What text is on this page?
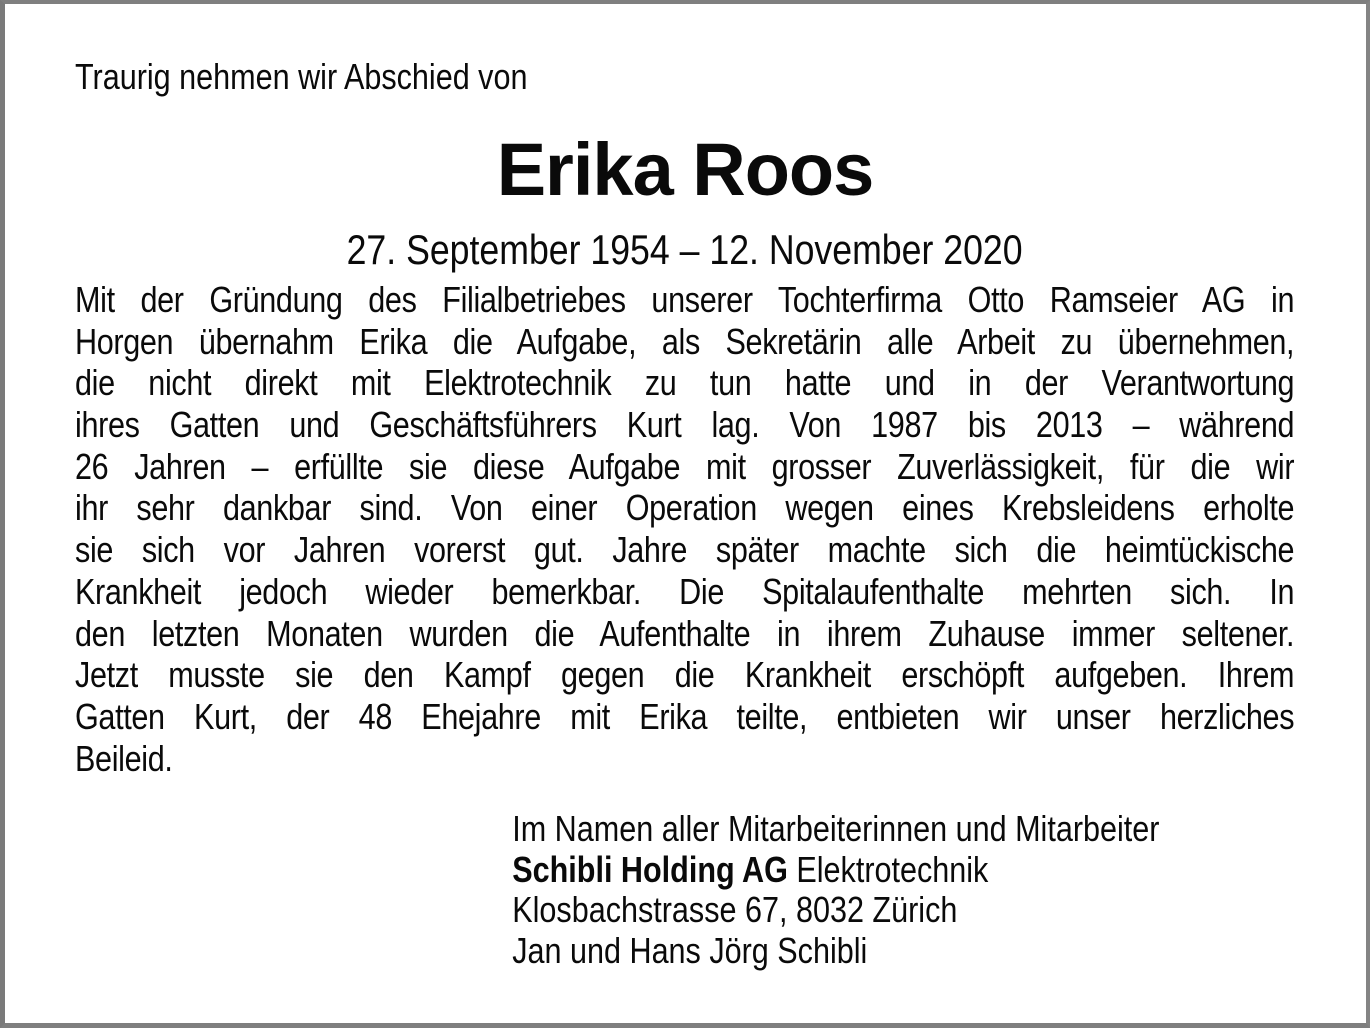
Traurig nehmen wir Abschied von
27. September 1954 – 12. November 2020
Mit der Gründung des Filialbetriebes unserer Tochterfirma Otto Ramseier AG in
Horgen übernahm Erika die Aufgabe, als Sekretärin alle Arbeit zu übernehmen,
die nicht direkt mit Elektrotechnik zu tun hatte und in der Verantwortung
ihres Gatten und Geschäftsführers Kurt lag. Von 1987 bis 2013 – während
26 Jahren – erfüllte sie diese Aufgabe mit grosser Zuverlässigkeit, für die wir
ihr sehr dankbar sind. Von einer Operation wegen eines Krebsleidens erholte
sie sich vor Jahren vorerst gut. Jahre später machte sich die heimtückische
Krankheit jedoch wieder bemerkbar. Die Spitalaufenthalte mehrten sich. In
den letzten Monaten wurden die Aufenthalte in ihrem Zuhause immer seltener.
Jetzt musste sie den Kampf gegen die Krankheit erschöpft aufgeben. Ihrem
Gatten Kurt, der 48 Ehejahre mit Erika teilte, entbieten wir unser herzliches
Beileid.
Im Namen aller Mitarbeiterinnen und Mitarbeiter
Schibli Holding AG Elektrotechnik
Klosbachstrasse 67, 8032 Zürich
Jan und Hans Jörg Schibli
Erika Roos
